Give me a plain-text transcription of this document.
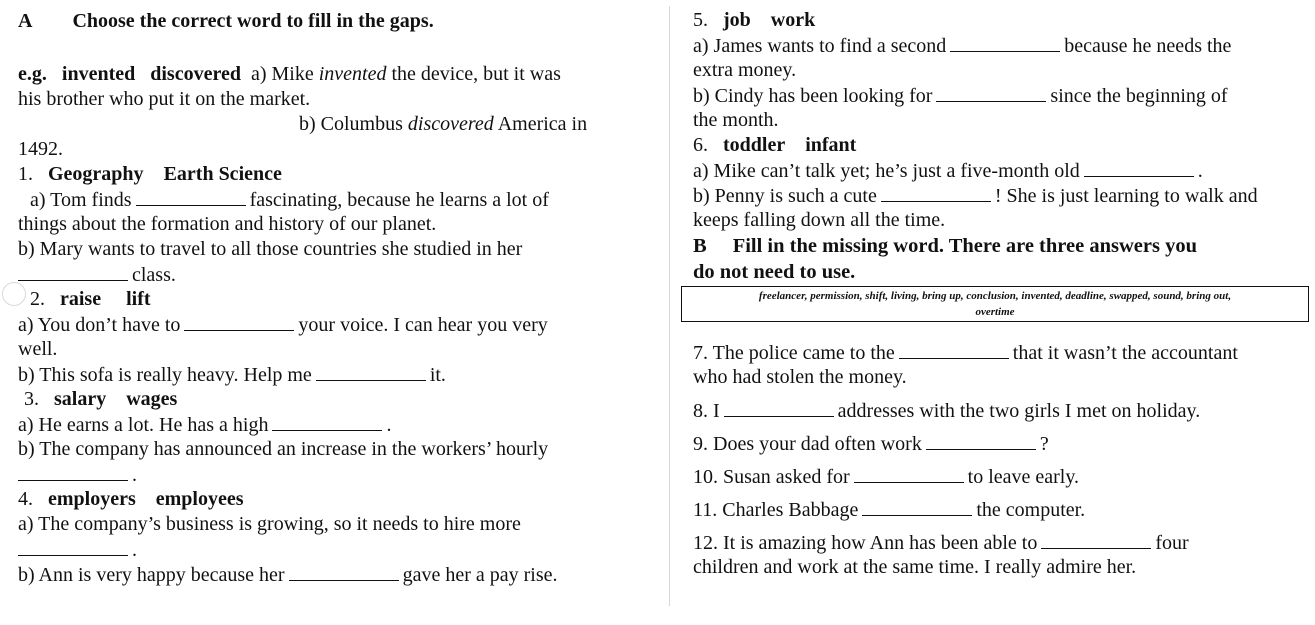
A Choose the correct word to fill in the gaps.
e.g. invented discovered a) Mike invented the device, but it was
his brother who put it on the market.
b) Columbus discovered America in
1492.
1. Geography Earth Science
a) Tom finds	fascinating, because he learns a lot of
things about the formation and history of our planet.
b) Mary wants to travel to all those countries she studied in her
class.
2. raise lift
a) You don’t have to	your voice. I can hear you very
well.
b) This sofa is really heavy. Help me	it.
3. salary wages
a) He earns a lot. He has a high	.
b) The company has announced an increase in the workers’ hourly
.
4. employers employees
a) The company’s business is growing, so it needs to hire more
.
b) Ann is very happy because her	gave her a pay rise.
5. job work
a) James wants to find a second	because he needs the
extra money.
b) Cindy has been looking for	since the beginning of
the month.
6. toddler infant
a) Mike can’t talk yet; he’s just a five-month old	.
b) Penny is such a cute	! She is just learning to walk and
keeps falling down all the time.
B Fill in the missing word. There are three answers you
do not need to use.
freelancer, permission, shift, living, bring up, conclusion, invented, deadline, swapped, sound, bring out,
overtime
7. The police came to the	that it wasn’t the accountant
who had stolen the money.
8. I	addresses with the two girls I met on holiday.
9. Does your dad often work	?
10. Susan asked for	to leave early.
11. Charles Babbage	the computer.
12. It is amazing how Ann has been able to	four
children and work at the same time. I really admire her.
